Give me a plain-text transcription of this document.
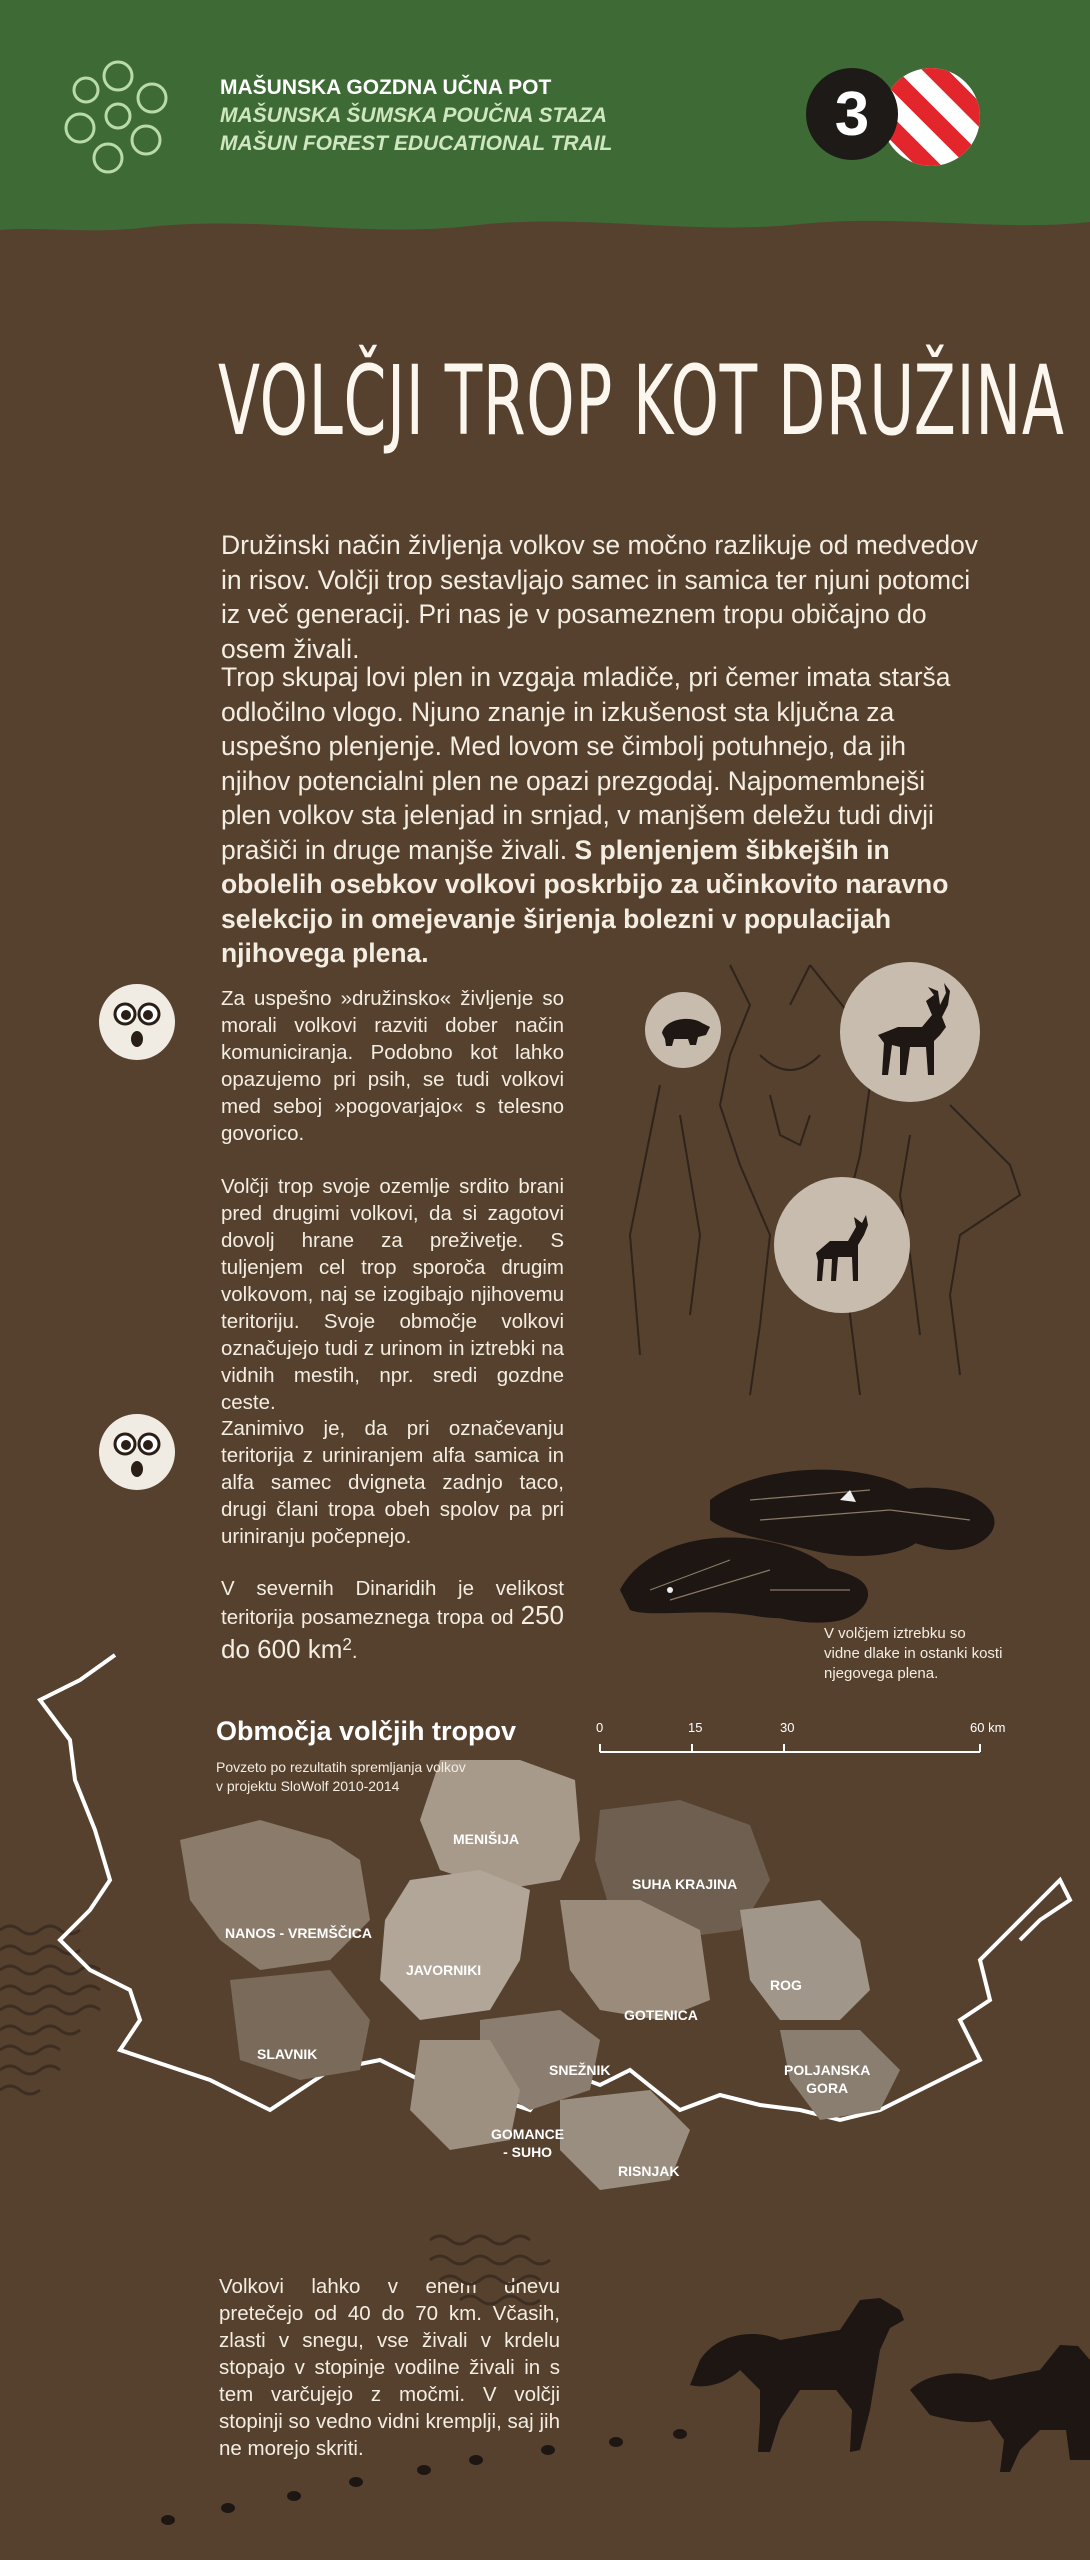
MAŠUNSKA GOZDNA UČNA POT
MAŠUNSKA ŠUMSKA POUČNA STAZA
MAŠUN FOREST EDUCATIONAL TRAIL	3
VOLČJI TROP KOT DRUŽINA

Družinski način življenja volkov se močno razlikuje od medvedov in risov. Volčji trop sestavljajo samec in samica ter njuni potomci iz več generacij. Pri nas je v posameznem tropu običajno do osem živali.

Trop skupaj lovi plen in vzgaja mladiče, pri čemer imata starša odločilno vlogo. Njuno znanje in izkušenost sta ključna za uspešno plenjenje. Med lovom se čimbolj potuhnejo, da jih njihov potencialni plen ne opazi prezgodaj. Najpomembnejši plen volkov sta jelenjad in srnjad, v manjšem deležu tudi divji prašiči in druge manjše živali. S plenjenjem šibkejših in obolelih osebkov volkovi poskrbijo za učinkovito naravno selekcijo in omejevanje širjenja bolezni v populacijah njihovega plena.

Za uspešno »družinsko« življenje so morali volkovi razviti dober način komuniciranja. Podobno kot lahko opazujemo pri psih, se tudi volkovi med seboj »pogovarjajo« s telesno govorico.

Volčji trop svoje ozemlje srdito brani pred drugimi volkovi, da si zagotovi dovolj hrane za preživetje. S tuljenjem cel trop sporoča drugim volkovom, naj se izogibajo njihovemu teritoriju. Svoje območje volkovi označujejo tudi z urinom in iztrebki na vidnih mestih, npr. sredi gozdne ceste.

Zanimivo je, da pri označevanju teritorija z uriniranjem alfa samica in alfa samec dvigneta zadnjo taco, drugi člani tropa obeh spolov pa pri uriniranju počepnejo.

V severnih Dinaridih je velikost teritorija posameznega tropa od 250 do 600 $km^2$.

V volčjem iztrebku so vidne dlake in ostanki kosti njegovega plena.
Območja volčjih tropov
Povzeto po rezultatih spremljanja volkov v projektu SloWolf 2010-2014
0	15	30	60 km
MENIŠIJA
SUHA KRAJINA
NANOS - VREMŠČICA
JAVORNIKI
ROG
GOTENICA
SLAVNIK
SNEŽNIK	POLJANSKA
GORA
GOMANCE
- SUHO
RISNJAK

Volkovi lahko v enem dnevu pretečejo od 40 do 70 km. Včasih, zlasti v snegu, vse živali v krdelu stopajo v stopinje vodilne živali in s tem varčujejo z močmi. V volčji stopinji so vedno vidni kremplji, saj jih ne morejo skriti.
